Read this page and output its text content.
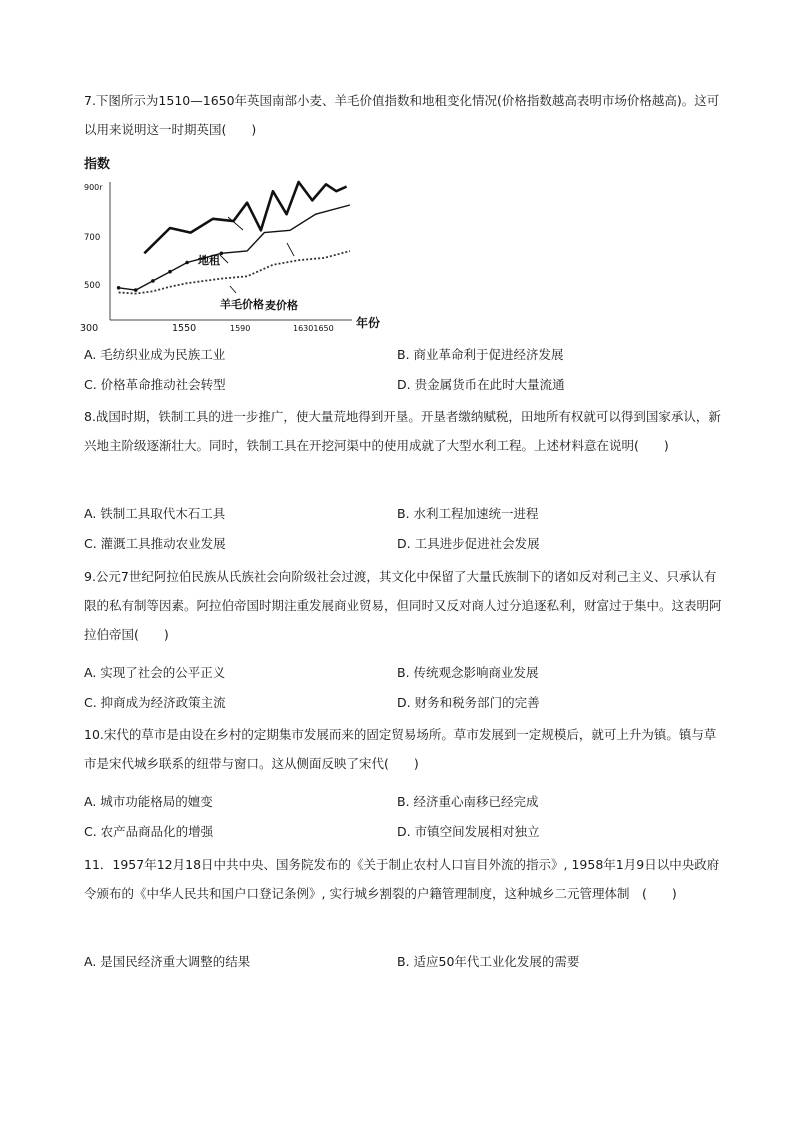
7.下图所示为1510—1650年英国南部小麦、羊毛价值指数和地租变化情况(价格指数越高表明市场价格越高)。这可以用来说明这一时期英国(　　)
指数
900r
700
500
300	1550	1590	16301650 年份
地租
羊毛价格 麦价格
A. 毛纺织业成为民族工业	B. 商业革命利于促进经济发展
C. 价格革命推动社会转型	D. 贵金属货币在此时大量流通
8.战国时期，铁制工具的进一步推广，使大量荒地得到开垦。开垦者缴纳赋税，田地所有权就可以得到国家承认，新兴地主阶级逐渐壮大。同时，铁制工具在开挖河渠中的使用成就了大型水利工程。上述材料意在说明(　　)
A. 铁制工具取代木石工具	B. 水利工程加速统一进程
C. 灌溉工具推动农业发展	D. 工具进步促进社会发展
9.公元7世纪阿拉伯民族从氏族社会向阶级社会过渡，其文化中保留了大量氏族制下的诸如反对利己主义、只承认有限的私有制等因素。阿拉伯帝国时期注重发展商业贸易，但同时又反对商人过分追逐私利，财富过于集中。这表明阿拉伯帝国(　　)
A. 实现了社会的公平正义	B. 传统观念影响商业发展
C. 抑商成为经济政策主流	D. 财务和税务部门的完善
10.宋代的草市是由设在乡村的定期集市发展而来的固定贸易场所。草市发展到一定规模后，就可上升为镇。镇与草市是宋代城乡联系的纽带与窗口。这从侧面反映了宋代(　　)
A. 城市功能格局的嬗变	B. 经济重心南移已经完成
C. 农产品商品化的增强	D. 市镇空间发展相对独立
11．1957年12月18日中共中央、国务院发布的《关于制止农村人口盲目外流的指示》, 1958年1月9日以中央政府令颁布的《中华人民共和国户口登记条例》, 实行城乡割裂的户籍管理制度，这种城乡二元管理体制　(　　)
A. 是国民经济重大调整的结果	B. 适应50年代工业化发展的需要
